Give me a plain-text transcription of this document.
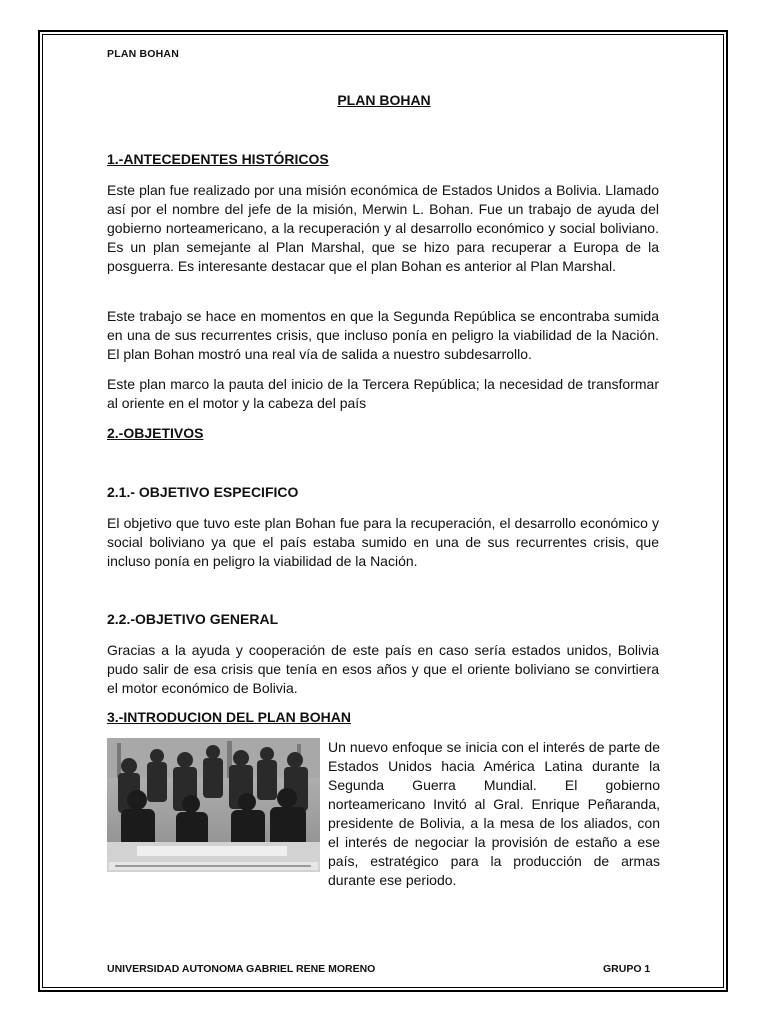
PLAN BOHAN
PLAN BOHAN
1.-ANTECEDENTES HISTÓRICOS
Este plan fue realizado por una misión económica de Estados Unidos a Bolivia. Llamado así por el nombre del jefe de la misión, Merwin L. Bohan. Fue un trabajo de ayuda del gobierno norteamericano, a la recuperación y al desarrollo económico y social boliviano. Es un plan semejante al Plan Marshal, que se hizo para recuperar a Europa de la posguerra. Es interesante destacar que el plan Bohan es anterior al Plan Marshal.
Este trabajo se hace en momentos en que la Segunda República se encontraba sumida en una de sus recurrentes crisis, que incluso ponía en peligro la viabilidad de la Nación. El plan Bohan mostró una real vía de salida a nuestro subdesarrollo.
Este plan marco la pauta del inicio de la Tercera República; la necesidad de transformar al oriente en el motor y la cabeza del país
2.-OBJETIVOS
2.1.- OBJETIVO ESPECIFICO
El objetivo que tuvo este plan Bohan fue para la recuperación, el desarrollo económico y social boliviano ya que el país estaba sumido en una de sus recurrentes crisis, que incluso ponía en peligro la viabilidad de la Nación.
2.2.-OBJETIVO GENERAL
Gracias a la ayuda y cooperación de este país en caso sería estados unidos, Bolivia pudo salir de esa crisis que tenía en esos años y que el oriente boliviano se convirtiera el motor económico de Bolivia.
3.-INTRODUCION DEL PLAN BOHAN
Un nuevo enfoque se inicia con el interés de parte de Estados Unidos hacia América Latina durante la Segunda Guerra Mundial. El gobierno norteamericano Invitó al Gral. Enrique Peñaranda, presidente de Bolivia, a la mesa de los aliados, con el interés de negociar la provisión de estaño a ese país, estratégico para la producción de armas durante ese periodo.
UNIVERSIDAD AUTONOMA GABRIEL RENE MORENO	GRUPO 1
